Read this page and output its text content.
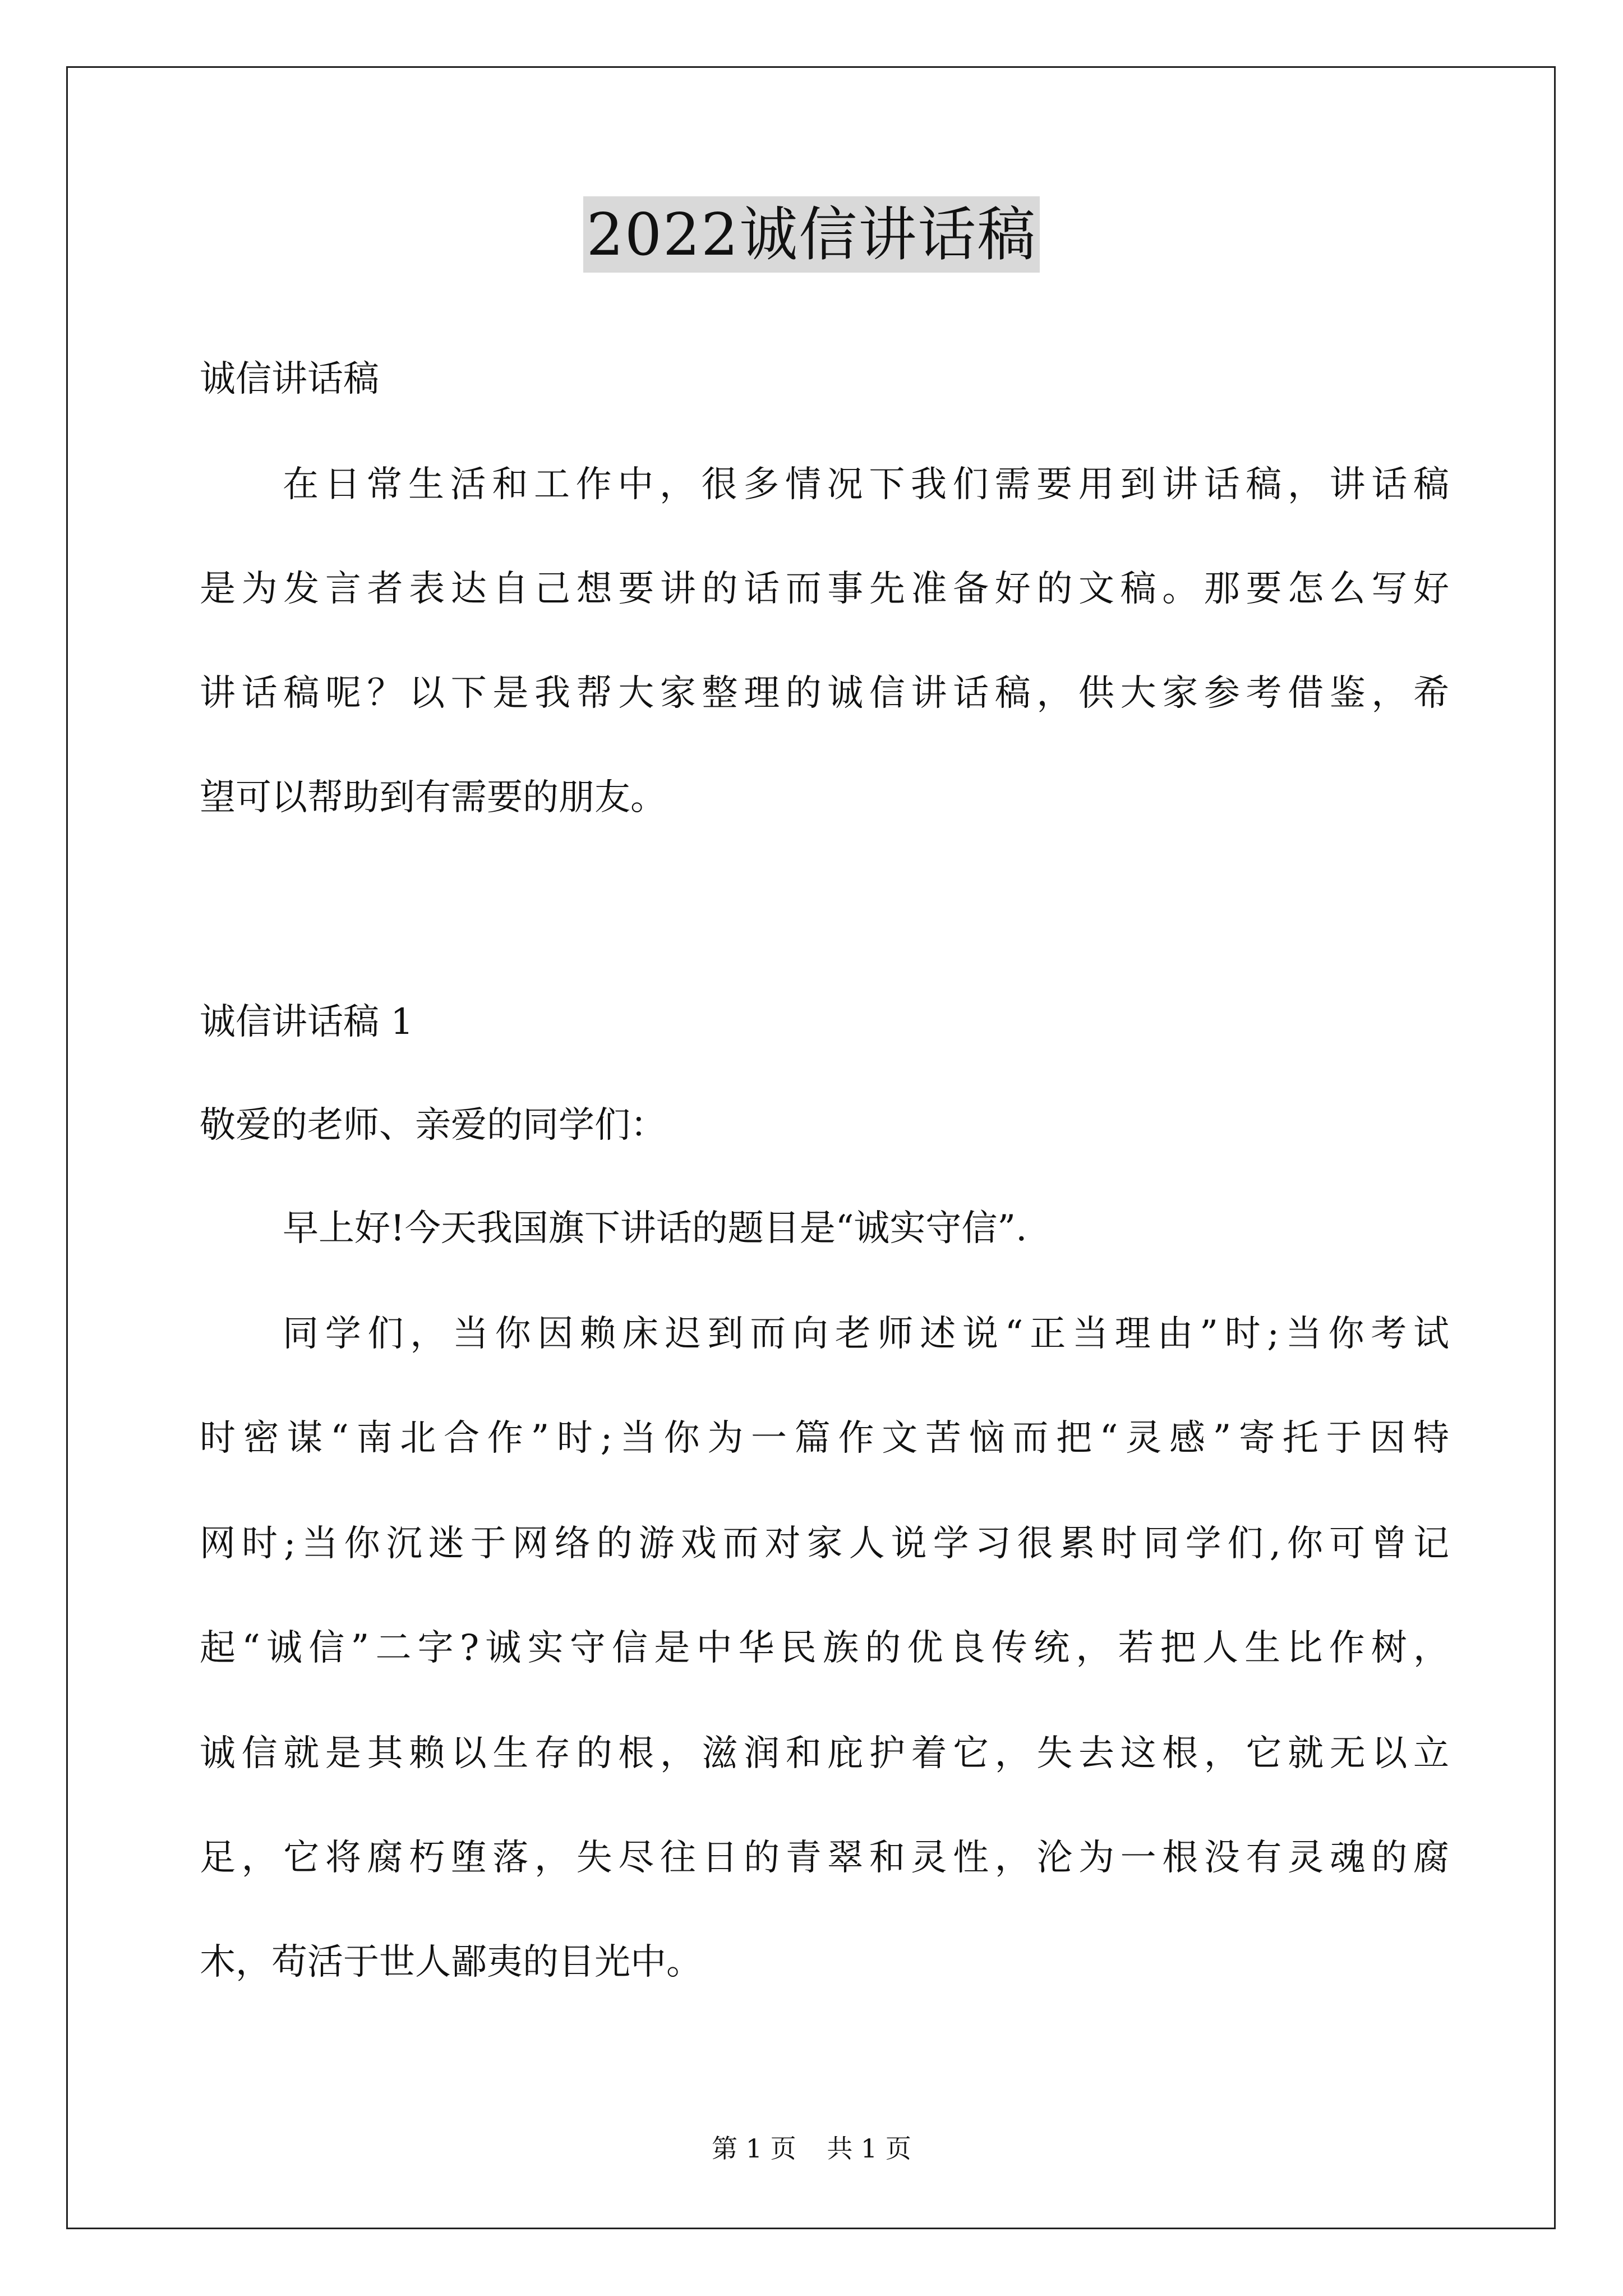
2022诚信讲话稿
诚信讲话稿
在日常生活和工作中，很多情况下我们需要用到讲话稿，讲话稿
是为发言者表达自己想要讲的话而事先准备好的文稿。那要怎么写好
讲话稿呢？以下是我帮大家整理的诚信讲话稿，供大家参考借鉴，希
望可以帮助到有需要的朋友。
诚信讲话稿 1
敬爱的老师、亲爱的同学们：
早上好!今天我国旗下讲话的题目是“诚实守信”.
同学们，当你因赖床迟到而向老师述说“正当理由”时;当你考试
时密谋“南北合作”时;当你为一篇作文苦恼而把“灵感”寄托于因特
网时;当你沉迷于网络的游戏而对家人说学习很累时同学们,你可曾记
起“诚信”二字?诚实守信是中华民族的优良传统，若把人生比作树，
诚信就是其赖以生存的根，滋润和庇护着它，失去这根，它就无以立
足，它将腐朽堕落，失尽往日的青翠和灵性，沦为一根没有灵魂的腐
木，苟活于世人鄙夷的目光中。
第 1 页 共 1 页
